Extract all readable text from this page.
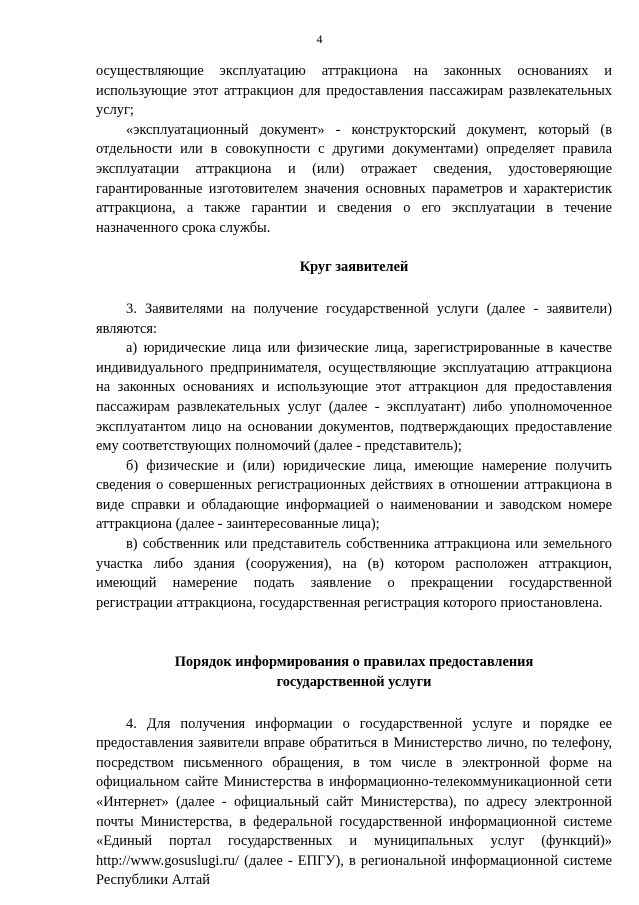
4

осуществляющие эксплуатацию аттракциона на законных основаниях и использующие этот аттракцион для предоставления пассажирам развлекательных услуг;

«эксплуатационный документ» - конструкторский документ, который (в отдельности или в совокупности с другими документами) определяет правила эксплуатации аттракциона и (или) отражает сведения, удостоверяющие гарантированные изготовителем значения основных параметров и характеристик аттракциона, а также гарантии и сведения о его эксплуатации в течение назначенного срока службы.

Круг заявителей

3. Заявителями на получение государственной услуги (далее - заявители) являются:

а) юридические лица или физические лица, зарегистрированные в качестве индивидуального предпринимателя, осуществляющие эксплуатацию аттракциона на законных основаниях и использующие этот аттракцион для предоставления пассажирам развлекательных услуг (далее - эксплуатант) либо уполномоченное эксплуатантом лицо на основании документов, подтверждающих предоставление ему соответствующих полномочий (далее - представитель);

б) физические и (или) юридические лица, имеющие намерение получить сведения о совершенных регистрационных действиях в отношении аттракциона в виде справки и обладающие информацией о наименовании и заводском номере аттракциона (далее - заинтересованные лица);

в) собственник или представитель собственника аттракциона или земельного участка либо здания (сооружения), на (в) котором расположен аттракцион, имеющий намерение подать заявление о прекращении государственной регистрации аттракциона, государственная регистрация которого приостановлена.

Порядок информирования о правилах предоставления
государственной услуги

4. Для получения информации о государственной услуге и порядке ее предоставления заявители вправе обратиться в Министерство лично, по телефону, посредством письменного обращения, в том числе в электронной форме на официальном сайте Министерства в информационно-телекоммуникационной сети «Интернет» (далее - официальный сайт Министерства), по адресу электронной почты Министерства, в федеральной государственной информационной системе «Единый портал государственных и муниципальных услуг (функций)» http://www.gosuslugi.ru/ (далее - ЕПГУ), в региональной информационной системе Республики Алтай
